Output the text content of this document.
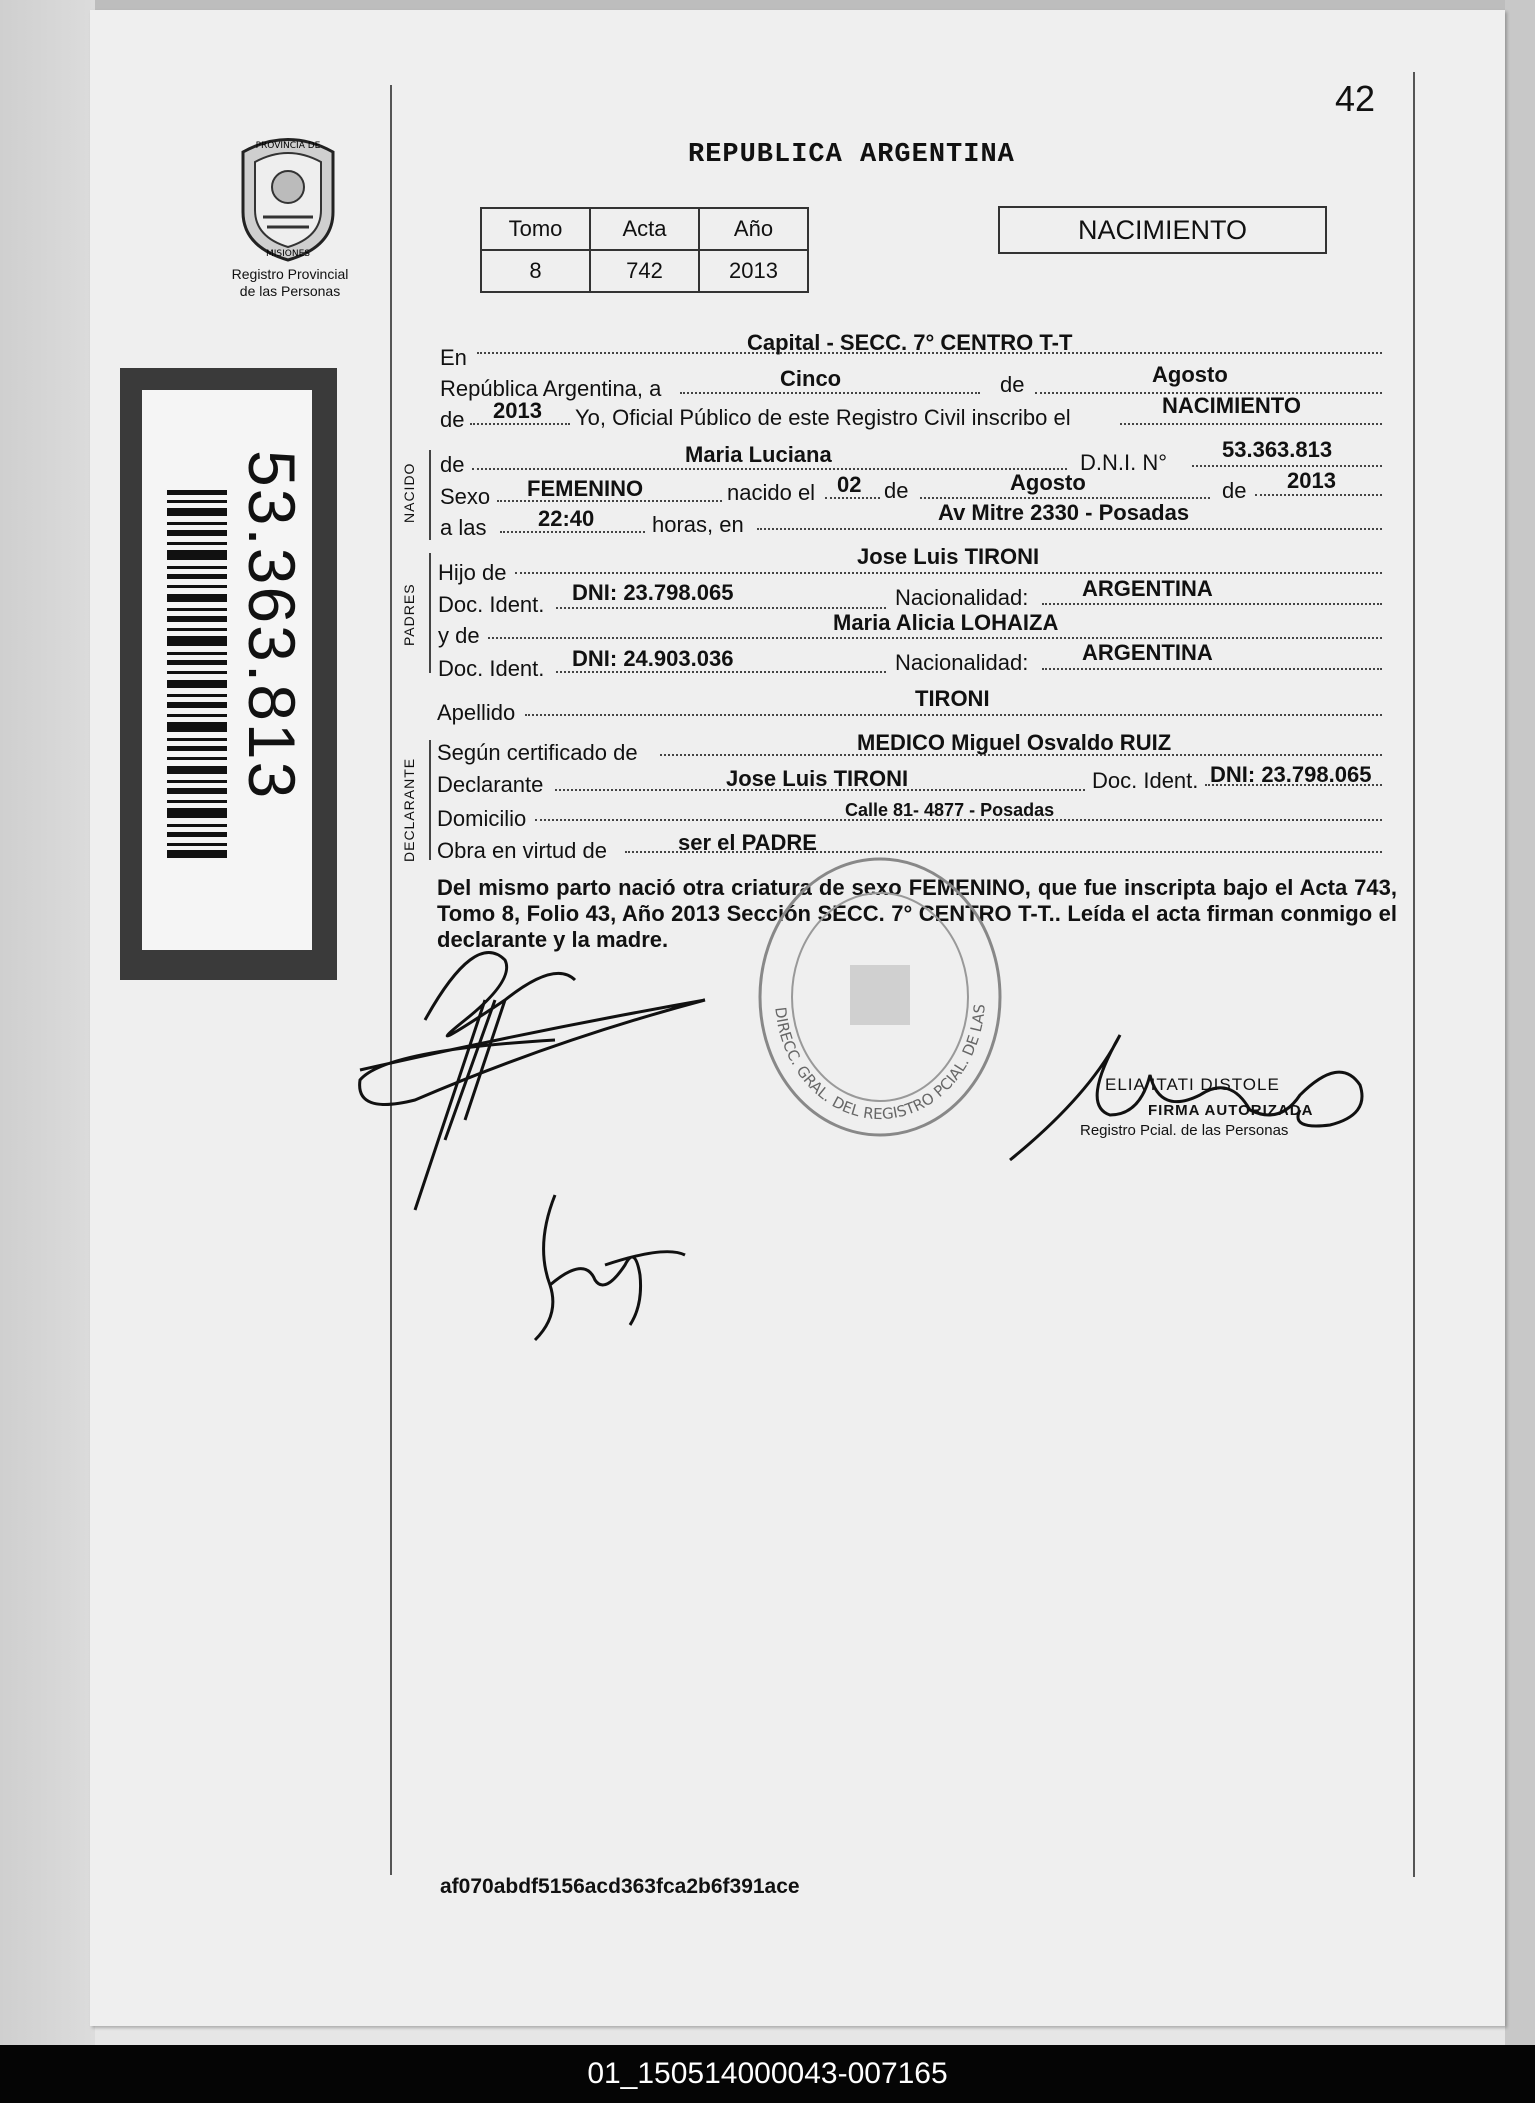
42
PROVINCIA DE
MISIONES
Registro Provincial
de las Personas
53.363.813
REPUBLICA ARGENTINA
Tomo	Acta	Año
8	742	2013
NACIMIENTO
NACIDO
PADRES
DECLARANTE
En
Capital - SECC. 7° CENTRO T-T
República Argentina, a	Cinco	de	Agosto
de 2013 Yo, Oficial Público de este Registro Civil inscribo el	NACIMIENTO
de	Maria Luciana	D.N.I. N°
53.363.813
Sexo FEMENINO	nacido el 02 de	Agosto	de 2013
a las 22:40	horas, en	Av Mitre 2330 - Posadas
Hijo de
Jose Luis TIRONI
Doc. Ident. DNI: 23.798.065	Nacionalidad: ARGENTINA
y de
Maria Alicia LOHAIZA
Doc. Ident. DNI: 24.903.036	Nacionalidad: ARGENTINA
Apellido
TIRONI
Según certificado de	MEDICO Miguel Osvaldo RUIZ
Declarante	Jose Luis TIRONI	Doc. Ident. DNI: 23.798.065
Domicilio	Calle 81- 4877 - Posadas
Obra en virtud de	ser el PADRE
Del mismo parto nació otra criatura de sexo FEMENINO, que fue inscripta bajo el Acta 743, Tomo 8, Folio 43, Año 2013 Sección SECC. 7° CENTRO T-T.. Leída el acta firman conmigo el declarante y la madre.
DIRECC. GRAL. DEL REGISTRO PCIAL. DE LAS
ELIA ITATI DISTOLE
FIRMA AUTORIZADA
Registro Pcial. de las Personas
af070abdf5156acd363fca2b6f391ace
01_150514000043-007165
